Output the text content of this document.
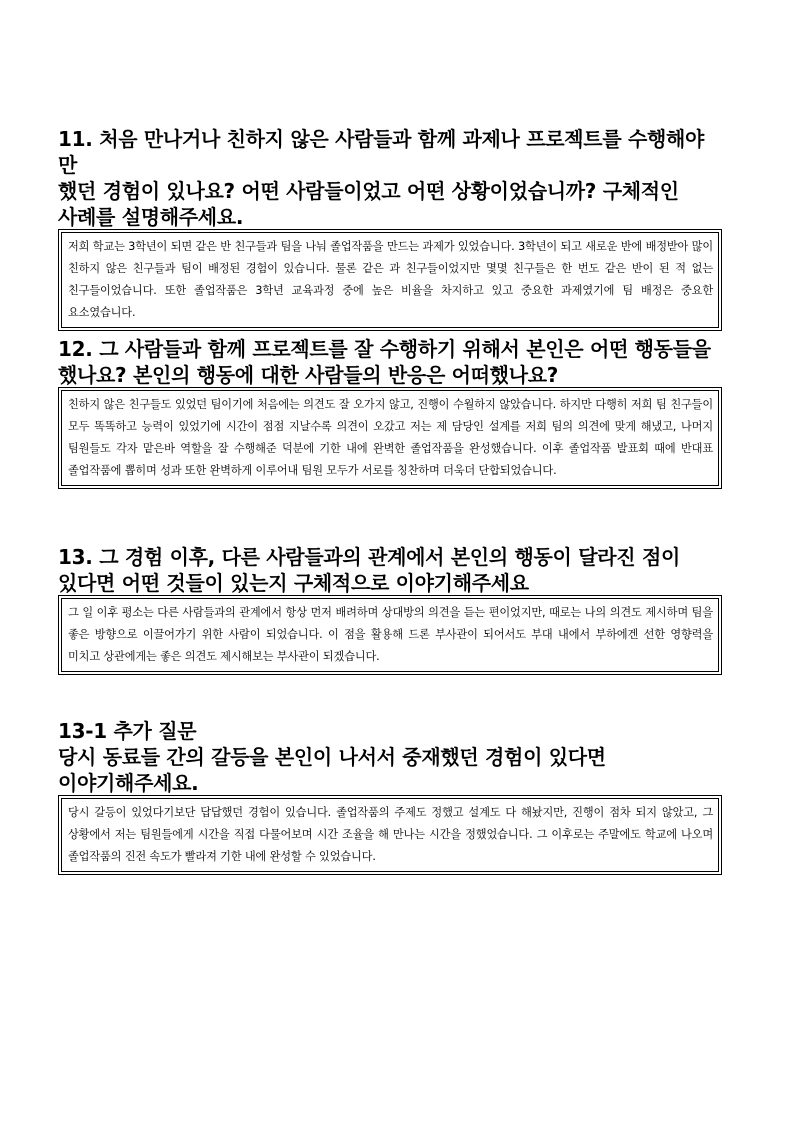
11. 처음 만나거나 친하지 않은 사람들과 함께 과제나 프로젝트를 수행해야만
했던 경험이 있나요? 어떤 사람들이었고 어떤 상황이었습니까? 구체적인
사례를 설명해주세요.
저희 학교는 3학년이 되면 같은 반 친구들과 팀을 나눠 졸업작품을 만드는 과제가 있었습니다. 3학년이 되고 새로운 반에 배정받아 많이 친하지 않은 친구들과 팀이 배정된 경험이 있습니다. 물론 같은 과 친구들이었지만 몇몇 친구들은 한 번도 같은 반이 된 적 없는 친구들이었습니다. 또한 졸업작품은 3학년 교육과정 중에 높은 비율을 차지하고 있고 중요한 과제였기에 팀 배정은 중요한 요소였습니다.
12. 그 사람들과 함께 프로젝트를 잘 수행하기 위해서 본인은 어떤 행동들을
했나요? 본인의 행동에 대한 사람들의 반응은 어떠했나요?
친하지 않은 친구들도 있었던 팀이기에 처음에는 의견도 잘 오가지 않고, 진행이 수월하지 않았습니다. 하지만 다행히 저희 팀 친구들이 모두 똑똑하고 능력이 있었기에 시간이 점점 지날수록 의견이 오갔고 저는 제 담당인 설계를 저희 팀의 의견에 맞게 해냈고, 나머지 팀원들도 각자 맡은바 역할을 잘 수행해준 덕분에 기한 내에 완벽한 졸업작품을 완성했습니다. 이후 졸업작품 발표회 때에 반대표 졸업작품에 뽑히며 성과 또한 완벽하게 이루어내 팀원 모두가 서로를 칭찬하며 더욱더 단합되었습니다.
13. 그 경험 이후, 다른 사람들과의 관계에서 본인의 행동이 달라진 점이
있다면 어떤 것들이 있는지 구체적으로 이야기해주세요
그 일 이후 평소는 다른 사람들과의 관계에서 항상 먼저 배려하며 상대방의 의견을 듣는 편이었지만, 때로는 나의 의견도 제시하며 팀을 좋은 방향으로 이끌어가기 위한 사람이 되었습니다. 이 점을 활용해 드론 부사관이 되어서도 부대 내에서 부하에겐 선한 영향력을 미치고 상관에게는 좋은 의견도 제시해보는 부사관이 되겠습니다.
13-1 추가 질문
당시 동료들 간의 갈등을 본인이 나서서 중재했던 경험이 있다면
이야기해주세요.
당시 갈등이 있었다기보단 답답했던 경험이 있습니다. 졸업작품의 주제도 정했고 설계도 다 해놨지만, 진행이 점차 되지 않았고, 그 상황에서 저는 팀원들에게 시간을 직접 다물어보며 시간 조율을 해 만나는 시간을 정했었습니다. 그 이후로는 주말에도 학교에 나오며 졸업작품의 진전 속도가 빨라져 기한 내에 완성할 수 있었습니다.
